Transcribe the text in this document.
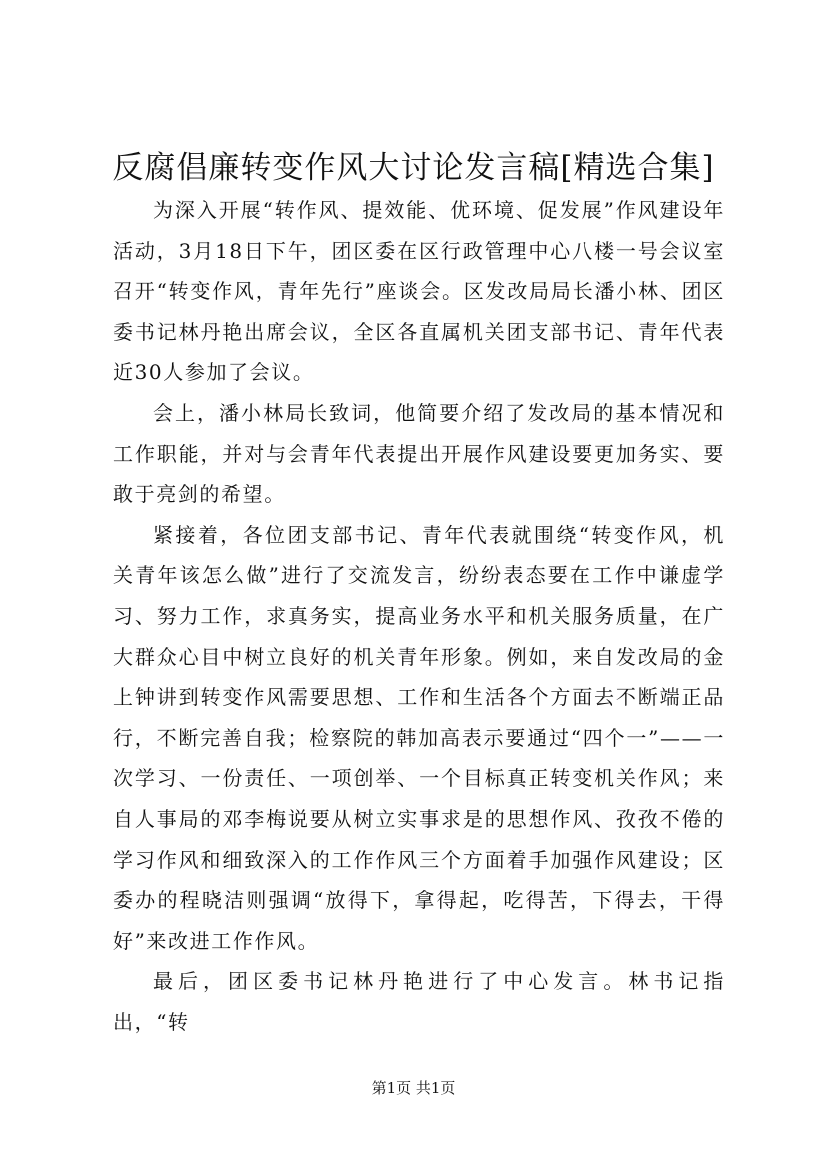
反腐倡廉转变作风大讨论发言稿[精选合集]

为深入开展“转作风、提效能、优环境、促发展”作风建设年活动，3月18日下午，团区委在区行政管理中心八楼一号会议室召开“转变作风，青年先行”座谈会。区发改局局长潘小林、团区委书记林丹艳出席会议，全区各直属机关团支部书记、青年代表近30人参加了会议。

会上，潘小林局长致词，他简要介绍了发改局的基本情况和工作职能，并对与会青年代表提出开展作风建设要更加务实、要敢于亮剑的希望。

紧接着，各位团支部书记、青年代表就围绕“转变作风，机关青年该怎么做”进行了交流发言，纷纷表态要在工作中谦虚学习、努力工作，求真务实，提高业务水平和机关服务质量，在广大群众心目中树立良好的机关青年形象。例如，来自发改局的金上钟讲到转变作风需要思想、工作和生活各个方面去不断端正品行，不断完善自我；检察院的韩加高表示要通过“四个一”——一次学习、一份责任、一项创举、一个目标真正转变机关作风；来自人事局的邓李梅说要从树立实事求是的思想作风、孜孜不倦的学习作风和细致深入的工作作风三个方面着手加强作风建设；区委办的程晓洁则强调“放得下，拿得起，吃得苦，下得去，干得好”来改进工作作风。

最后，团区委书记林丹艳进行了中心发言。林书记指出，“转

第1页 共1页
